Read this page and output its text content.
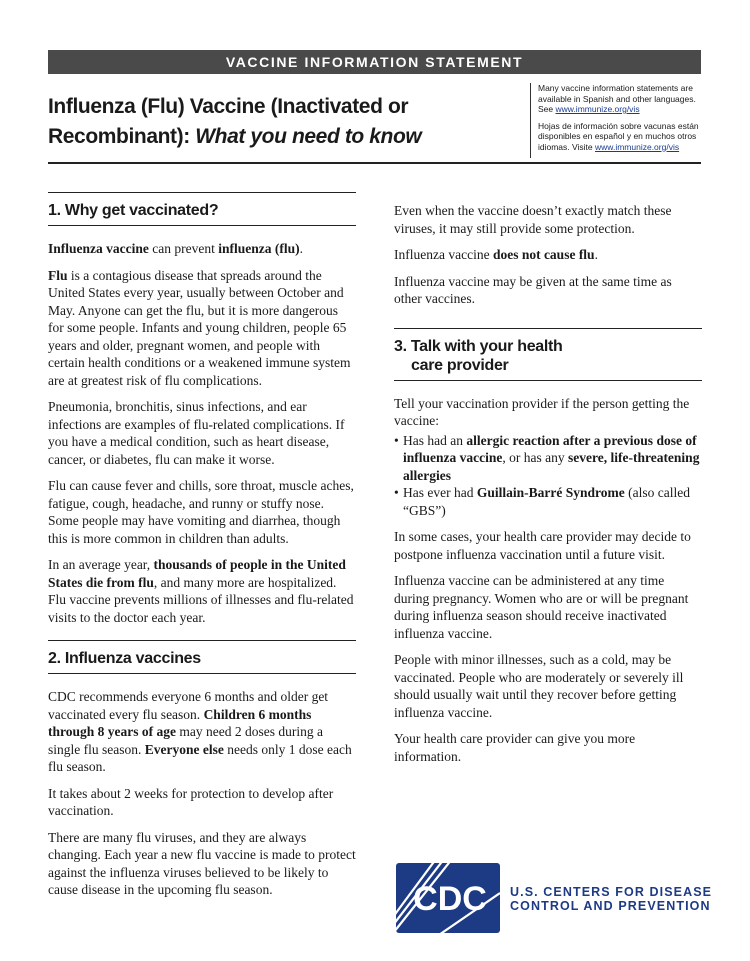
VACCINE INFORMATION STATEMENT
Influenza (Flu) Vaccine (Inactivated or Recombinant): What you need to know

Many vaccine information statements are available in Spanish and other languages. See www.immunize.org/vis

Hojas de información sobre vacunas están disponibles en español y en muchos otros idiomas. Visite www.immunize.org/vis

1. Why get vaccinated?

Influenza vaccine can prevent influenza (flu).

Flu is a contagious disease that spreads around the United States every year, usually between October and May. Anyone can get the flu, but it is more dangerous for some people. Infants and young children, people 65 years and older, pregnant women, and people with certain health conditions or a weakened immune system are at greatest risk of flu complications.

Pneumonia, bronchitis, sinus infections, and ear infections are examples of flu-related complications. If you have a medical condition, such as heart disease, cancer, or diabetes, flu can make it worse.

Flu can cause fever and chills, sore throat, muscle aches, fatigue, cough, headache, and runny or stuffy nose. Some people may have vomiting and diarrhea, though this is more common in children than adults.

In an average year, thousands of people in the United States die from flu, and many more are hospitalized. Flu vaccine prevents millions of illnesses and flu-related visits to the doctor each year.

2. Influenza vaccines

CDC recommends everyone 6 months and older get vaccinated every flu season. Children 6 months through 8 years of age may need 2 doses during a single flu season. Everyone else needs only 1 dose each flu season.

It takes about 2 weeks for protection to develop after vaccination.

There are many flu viruses, and they are always changing. Each year a new flu vaccine is made to protect against the influenza viruses believed to be likely to cause disease in the upcoming flu season.

Even when the vaccine doesn’t exactly match these viruses, it may still provide some protection.

Influenza vaccine does not cause flu.

Influenza vaccine may be given at the same time as other vaccines.

3. Talk with your health
care provider

Tell your vaccination provider if the person getting the vaccine:

• Has had an allergic reaction after a previous dose of influenza vaccine, or has any severe, life-threatening allergies
• Has ever had Guillain-Barré Syndrome (also called “GBS”)

In some cases, your health care provider may decide to postpone influenza vaccination until a future visit.

Influenza vaccine can be administered at any time during pregnancy. Women who are or will be pregnant during influenza season should receive inactivated influenza vaccine.

People with minor illnesses, such as a cold, may be vaccinated. People who are moderately or severely ill should usually wait until they recover before getting influenza vaccine.

Your health care provider can give you more information.

CDC U.S. CENTERS FOR DISEASE
CONTROL AND PREVENTION
